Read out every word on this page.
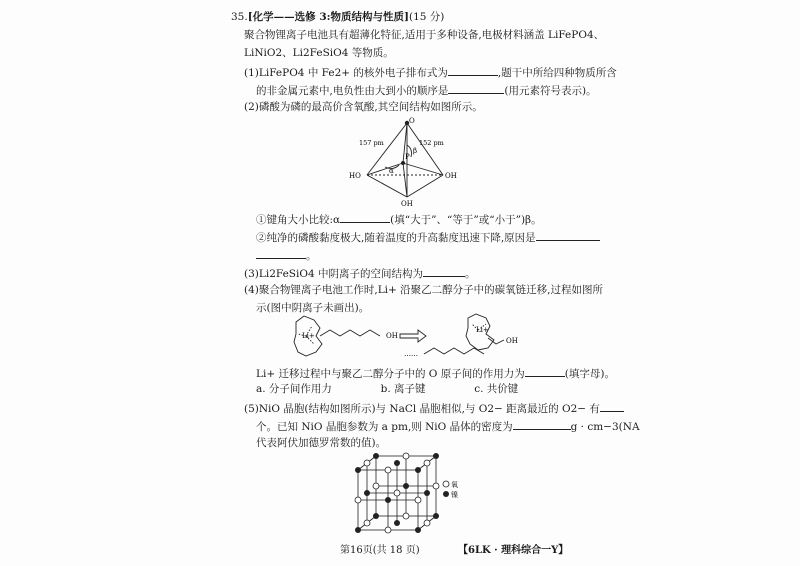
35.[化学——选修 3:物质结构与性质](15 分)
聚合物锂离子电池具有超薄化特征,适用于多种设备,电极材料涵盖 LiFePO4、
LiNiO2、Li2FeSiO4 等物质。
(1)LiFePO4 中 Fe2+ 的核外电子排布式为	,题干中所给四种物质所含
的非金属元素中,电负性由大到小的顺序是	(用元素符号表示)。
(2)磷酸为磷的最高价含氧酸,其空间结构如图所示。
O
P
157 pm	152 pm
HO	OH
OH
α
β
①键角大小比较:α	(填“大于”、“等于”或“小于”)β。
②纯净的磷酸黏度极大,随着温度的升高黏度迅速下降,原因是
。
(3)Li2FeSiO4 中阴离子的空间结构为	。
(4)聚合物锂离子电池工作时,Li+ 沿聚乙二醇分子中的碳氧链迁移,过程如图所
示(图中阴离子未画出)。
Li+	OH
Li+
OH
……
Li+ 迁移过程中与聚乙二醇分子中的 O 原子间的作用力为	(填字母)。
a. 分子间作用力	b. 离子键	c. 共价键
(5)NiO 晶胞(结构如图所示)与 NaCl 晶胞相似,与 O2− 距离最近的 O2− 有
个。已知 NiO 晶胞参数为 a pm,则 NiO 晶体的密度为	g · cm−3(NA
代表阿伏加德罗常数的值)。
氧
镍
第16页(共 18 页)	【6LK · 理科综合一Y】
